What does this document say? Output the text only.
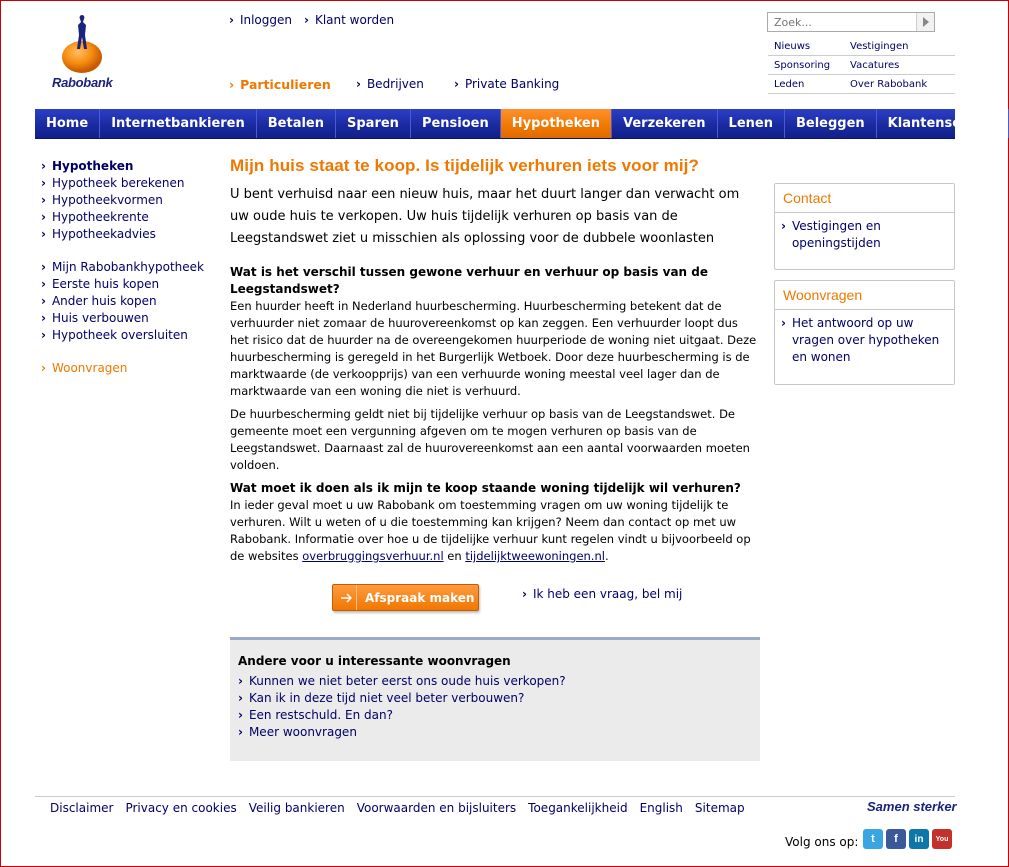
Rabobank
› Inloggen	› Klant worden
› Particulieren	› Bedrijven	› Private Banking
Zoek...
Nieuws	Vestigingen
Sponsoring	Vacatures
Leden	Over Rabobank
Home	Internetbankieren	Betalen	Sparen	Pensioen	Hypotheken	Verzekeren	Lenen	Beleggen	Klantenservice
› Hypotheken
› Hypotheek berekenen
› Hypotheekvormen
› Hypotheekrente
› Hypotheekadvies
› Mijn Rabobankhypotheek
› Eerste huis kopen
› Ander huis kopen
› Huis verbouwen
› Hypotheek oversluiten
› Woonvragen
Mijn huis staat te koop. Is tijdelijk verhuren iets voor mij?
U bent verhuisd naar een nieuw huis, maar het duurt langer dan verwacht om uw oude huis te verkopen. Uw huis tijdelijk verhuren op basis van de Leegstandswet ziet u misschien als oplossing voor de dubbele woonlasten
Wat is het verschil tussen gewone verhuur en verhuur op basis van de Leegstandswet?
Een huurder heeft in Nederland huurbescherming. Huurbescherming betekent dat de verhuurder niet zomaar de huurovereenkomst op kan zeggen. Een verhuurder loopt dus het risico dat de huurder na de overeengekomen huurperiode de woning niet uitgaat. Deze huurbescherming is geregeld in het Burgerlijk Wetboek. Door deze huurbescherming is de marktwaarde (de verkoopprijs) van een verhuurde woning meestal veel lager dan de marktwaarde van een woning die niet is verhuurd.
De huurbescherming geldt niet bij tijdelijke verhuur op basis van de Leegstandswet. De gemeente moet een vergunning afgeven om te mogen verhuren op basis van de Leegstandswet. Daarnaast zal de huurovereenkomst aan een aantal voorwaarden moeten voldoen.
Wat moet ik doen als ik mijn te koop staande woning tijdelijk wil verhuren?
In ieder geval moet u uw Rabobank om toestemming vragen om uw woning tijdelijk te verhuren. Wilt u weten of u die toestemming kan krijgen? Neem dan contact op met uw Rabobank. Informatie over hoe u de tijdelijke verhuur kunt regelen vindt u bijvoorbeeld op de websites overbruggingsverhuur.nl en tijdelijktweewoningen.nl.
Afspraak maken	› Ik heb een vraag, bel mij
Andere voor u interessante woonvragen
› Kunnen we niet beter eerst ons oude huis verkopen?
› Kan ik in deze tijd niet veel beter verbouwen?
› Een restschuld. En dan?
› Meer woonvragen
Contact
› Vestigingen en openingstijden
Woonvragen
› Het antwoord op uw vragen over hypotheken en wonen
Disclaimer Privacy en cookies Veilig bankieren Voorwaarden en bijsluiters Toegankelijkheid English Sitemap	Samen sterker
Volg ons op:	t	f	in	You
